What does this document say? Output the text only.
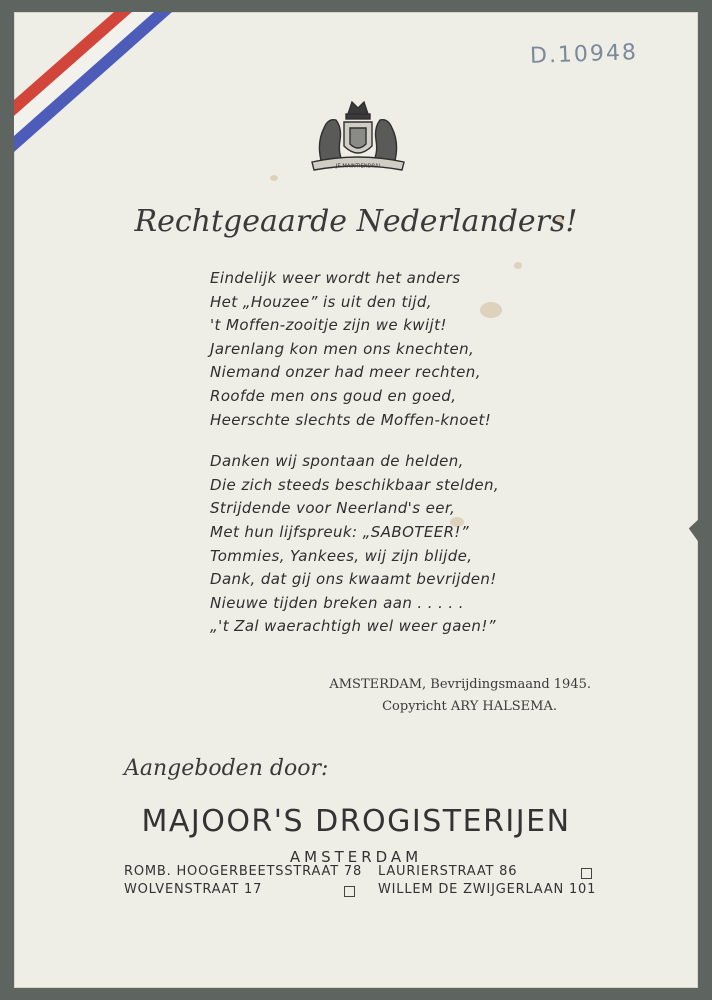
D.10948
JE MAINTIENDRAI
Rechtgeaarde Nederlanders!
Eindelijk weer wordt het anders
Het „Houzee” is uit den tijd,
't Moffen-zooitje zijn we kwijt!
Jarenlang kon men ons knechten,
Niemand onzer had meer rechten,
Roofde men ons goud en goed,
Heerschte slechts de Moffen-knoet!
Danken wij spontaan de helden,
Die zich steeds beschikbaar stelden,
Strijdende voor Neerland's eer,
Met hun lijfspreuk: „SABOTEER!”
Tommies, Yankees, wij zijn blijde,
Dank, dat gij ons kwaamt bevrijden!
Nieuwe tijden breken aan . . . . .
„'t Zal waerachtigh wel weer gaen!”
AMSTERDAM, Bevrijdingsmaand 1945.
Copyricht ARY HALSEMA.
Aangeboden door:
MAJOOR'S DROGISTERIJEN
AMSTERDAM
ROMB. HOOGERBEETSSTRAAT 78 LAURIERSTRAAT 86
WOLVENSTRAAT 17	WILLEM DE ZWIJGERLAAN 101
